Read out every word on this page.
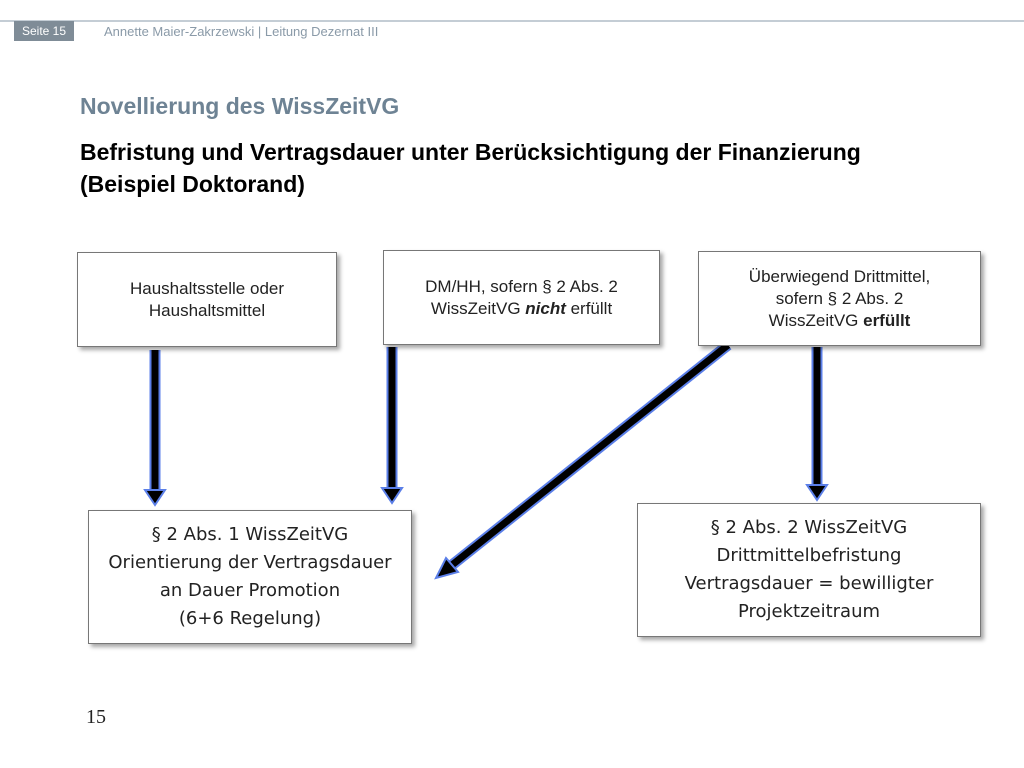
Seite 15	Annette Maier-Zakrzewski | Leitung Dezernat III
Novellierung des WissZeitVG
Befristung und Vertragsdauer unter Berücksichtigung der Finanzierung (Beispiel Doktorand)
Haushaltsstelle oder
Haushaltsmittel
DM/HH, sofern § 2 Abs. 2
WissZeitVG nicht erfüllt
Überwiegend Drittmittel,
sofern § 2 Abs. 2
WissZeitVG erfüllt
§ 2 Abs. 1 WissZeitVG
Orientierung der Vertragsdauer
an Dauer Promotion
(6+6 Regelung)
§ 2 Abs. 2 WissZeitVG
Drittmittelbefristung
Vertragsdauer = bewilligter
Projektzeitraum
15
